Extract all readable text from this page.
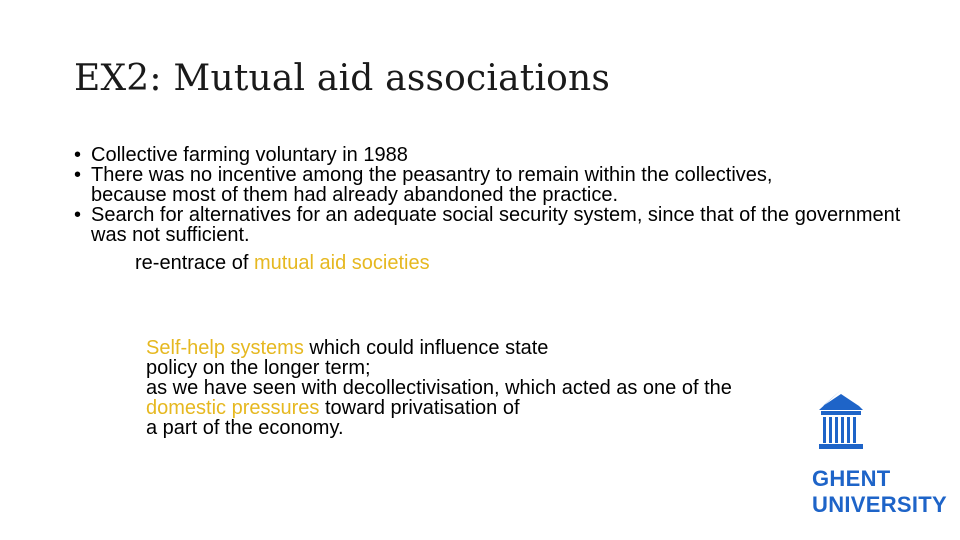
EX2: Mutual aid associations
• Collective farming voluntary in 1988
• There was no incentive among the peasantry to remain within the collectives, because most of them had already abandoned the practice.
• Search for alternatives for an adequate social security system, since that of the government was not sufficient.
re-entrace of mutual aid societies
Self-help systems which could influence state
policy on the longer term;
as we have seen with decollectivisation, which acted as one of the
domestic pressures toward privatisation of
a part of the economy.
GHENT
UNIVERSITY
